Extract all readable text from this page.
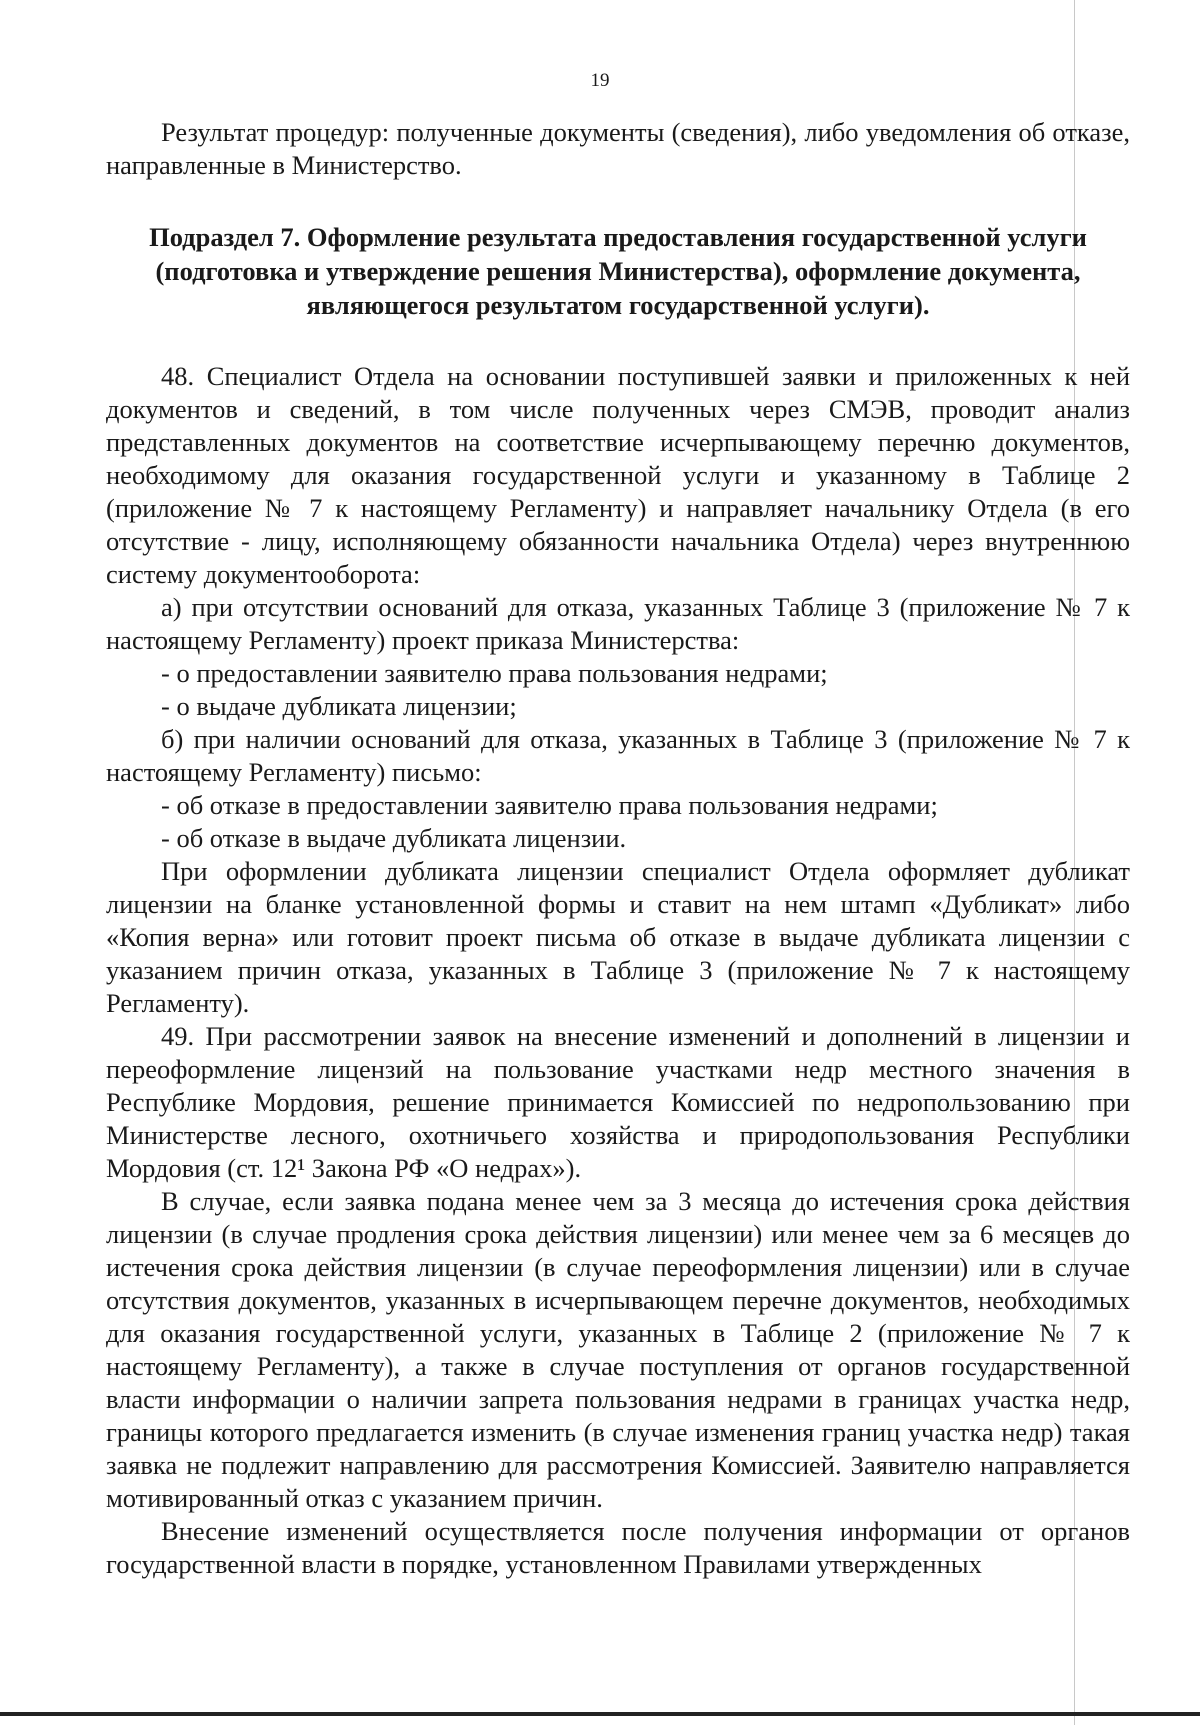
19

Результат процедур: полученные документы (сведения), либо уведомления об отказе, направленные в Министерство.

Подраздел 7. Оформление результата предоставления государственной услуги (подготовка и утверждение решения Министерства), оформление документа, являющегося результатом государственной услуги).

48. Специалист Отдела на основании поступившей заявки и приложенных к ней документов и сведений, в том числе полученных через СМЭВ, проводит анализ представленных документов на соответствие исчерпывающему перечню документов, необходимому для оказания государственной услуги и указанному в Таблице 2 (приложение № 7 к настоящему Регламенту) и направляет начальнику Отдела (в его отсутствие - лицу, исполняющему обязанности начальника Отдела) через внутреннюю систему документооборота:

а) при отсутствии оснований для отказа, указанных Таблице 3 (приложение № 7 к настоящему Регламенту) проект приказа Министерства:

- о предоставлении заявителю права пользования недрами;

- о выдаче дубликата лицензии;

б) при наличии оснований для отказа, указанных в Таблице 3 (приложение № 7 к настоящему Регламенту) письмо:

- об отказе в предоставлении заявителю права пользования недрами;

- об отказе в выдаче дубликата лицензии.

При оформлении дубликата лицензии специалист Отдела оформляет дубликат лицензии на бланке установленной формы и ставит на нем штамп «Дубликат» либо «Копия верна» или готовит проект письма об отказе в выдаче дубликата лицензии с указанием причин отказа, указанных в Таблице 3 (приложение № 7 к настоящему Регламенту).

49. При рассмотрении заявок на внесение изменений и дополнений в лицензии и переоформление лицензий на пользование участками недр местного значения в Республике Мордовия, решение принимается Комиссией по недропользованию при Министерстве лесного, охотничьего хозяйства и природопользования Республики Мордовия (ст. 12¹ Закона РФ «О недрах»).

В случае, если заявка подана менее чем за 3 месяца до истечения срока действия лицензии (в случае продления срока действия лицензии) или менее чем за 6 месяцев до истечения срока действия лицензии (в случае переоформления лицензии) или в случае отсутствия документов, указанных в исчерпывающем перечне документов, необходимых для оказания государственной услуги, указанных в Таблице 2 (приложение № 7 к настоящему Регламенту), а также в случае поступления от органов государственной власти информации о наличии запрета пользования недрами в границах участка недр, границы которого предлагается изменить (в случае изменения границ участка недр) такая заявка не подлежит направлению для рассмотрения Комиссией. Заявителю направляется мотивированный отказ с указанием причин.

Внесение изменений осуществляется после получения информации от органов государственной власти в порядке, установленном Правилами утвержденных
